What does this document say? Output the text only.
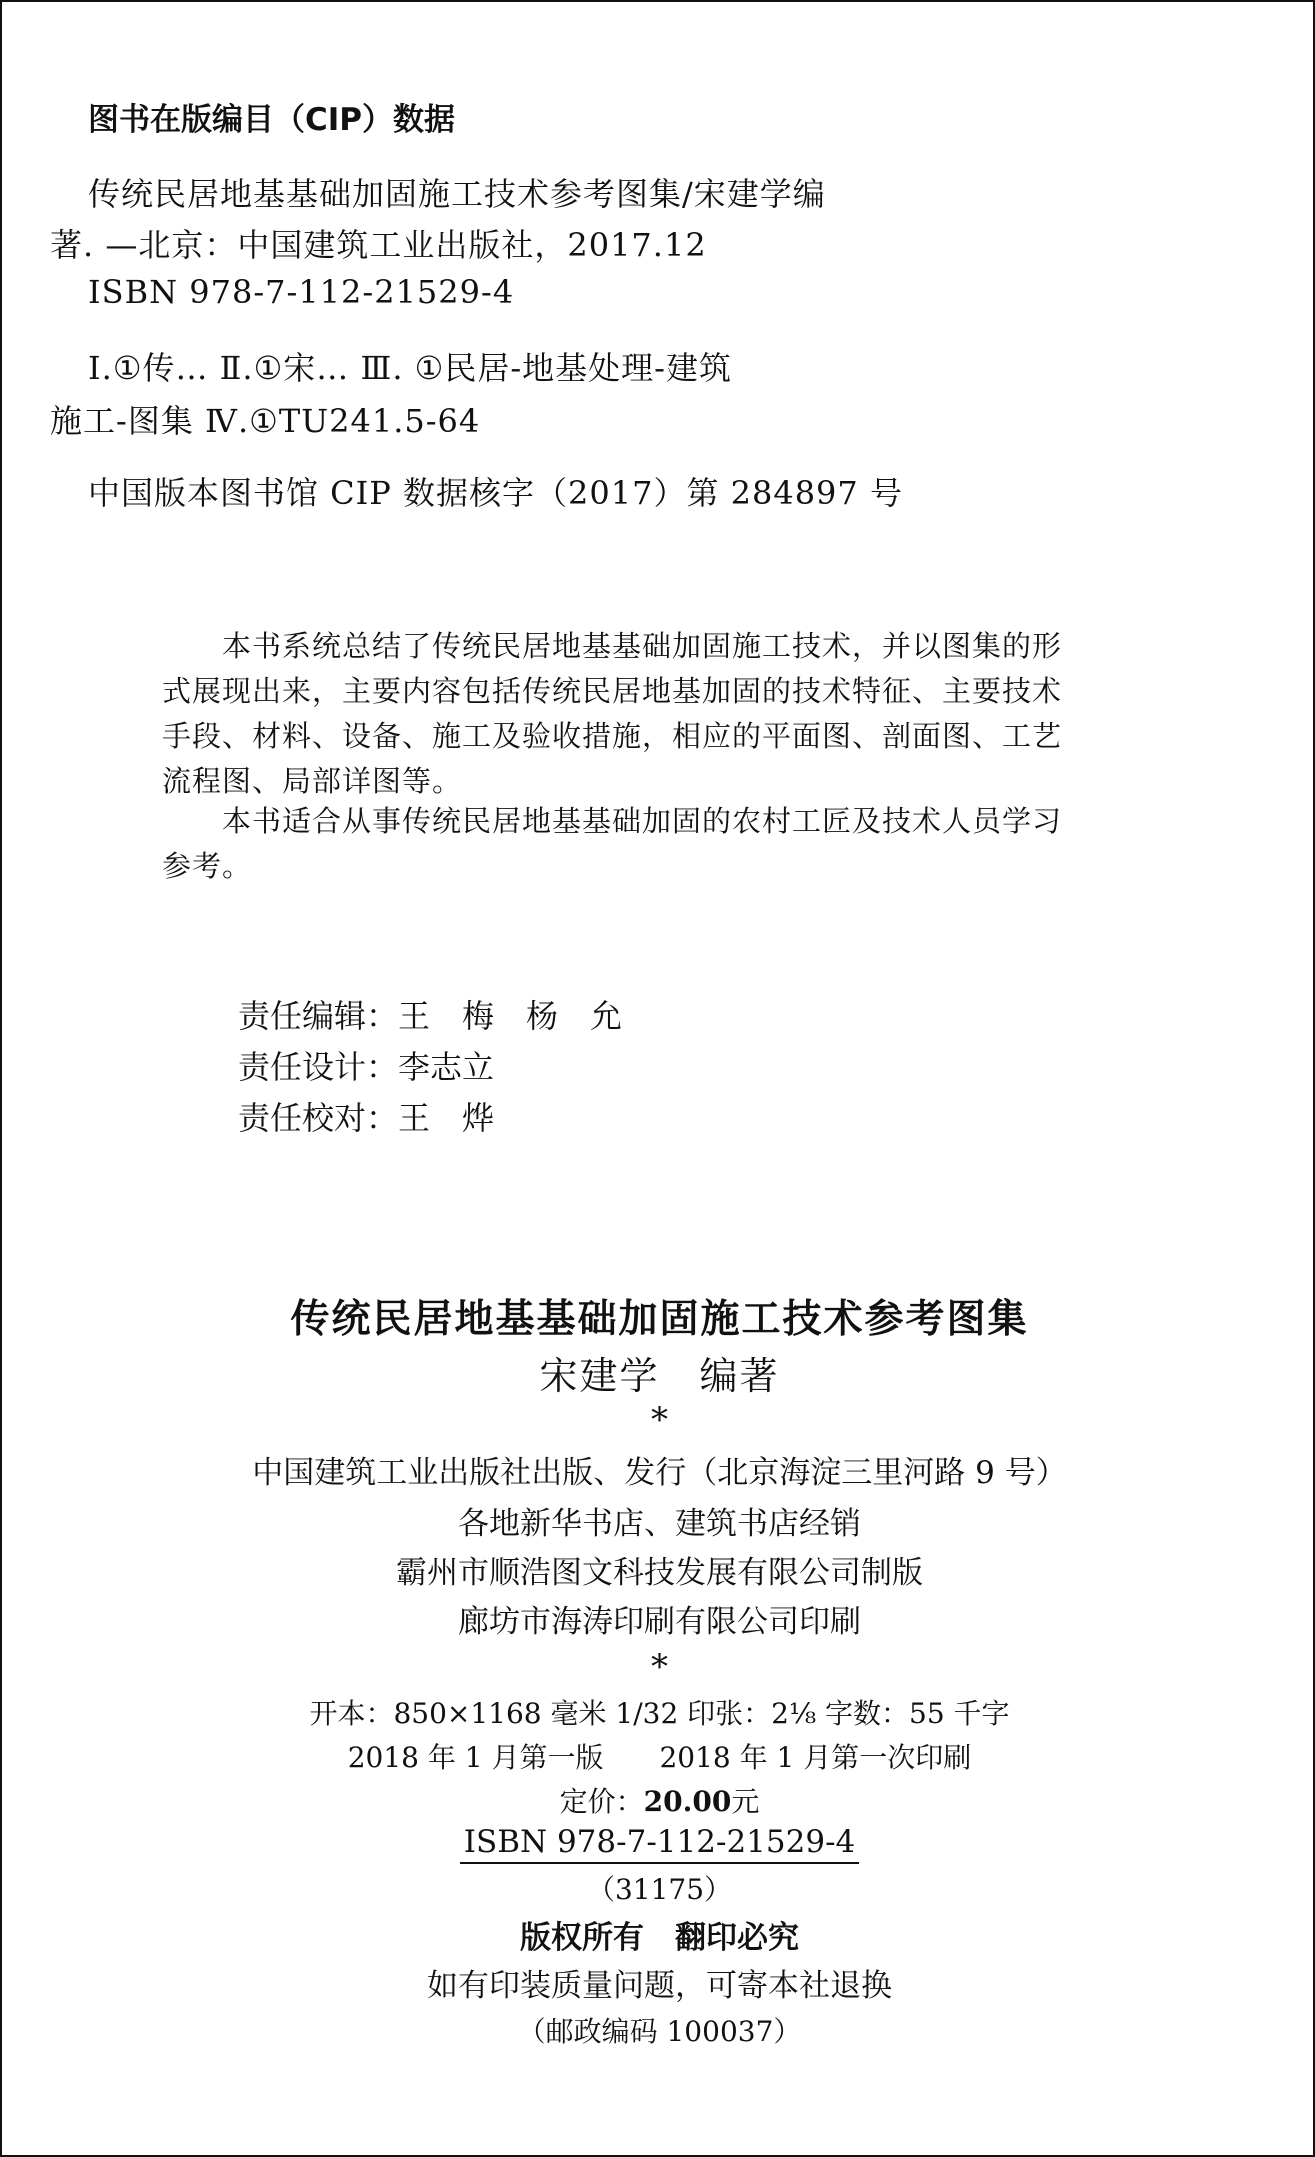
图书在版编目（CIP）数据
传统民居地基基础加固施工技术参考图集/宋建学编
著. —北京：中国建筑工业出版社，2017.12
ISBN 978-7-112-21529-4
Ⅰ.①传… Ⅱ.①宋… Ⅲ. ①民居-地基处理-建筑
施工-图集 Ⅳ.①TU241.5-64
中国版本图书馆 CIP 数据核字（2017）第 284897 号
本书系统总结了传统民居地基基础加固施工技术，并以图集的形
式展现出来，主要内容包括传统民居地基加固的技术特征、主要技术
手段、材料、设备、施工及验收措施，相应的平面图、剖面图、工艺
流程图、局部详图等。
本书适合从事传统民居地基基础加固的农村工匠及技术人员学习
参考。
责任编辑：王　梅　杨　允
责任设计：李志立
责任校对：王　烨
传统民居地基基础加固施工技术参考图集
宋建学　编著
*
中国建筑工业出版社出版、发行（北京海淀三里河路 9 号）
各地新华书店、建筑书店经销
霸州市顺浩图文科技发展有限公司制版
廊坊市海涛印刷有限公司印刷
*
开本：850×1168 毫米 1/32 印张：2⅛ 字数：55 千字
2018 年 1 月第一版　　2018 年 1 月第一次印刷
定价：20.00元
ISBN 978-7-112-21529-4
（31175）
版权所有　翻印必究
如有印装质量问题，可寄本社退换
（邮政编码 100037）
